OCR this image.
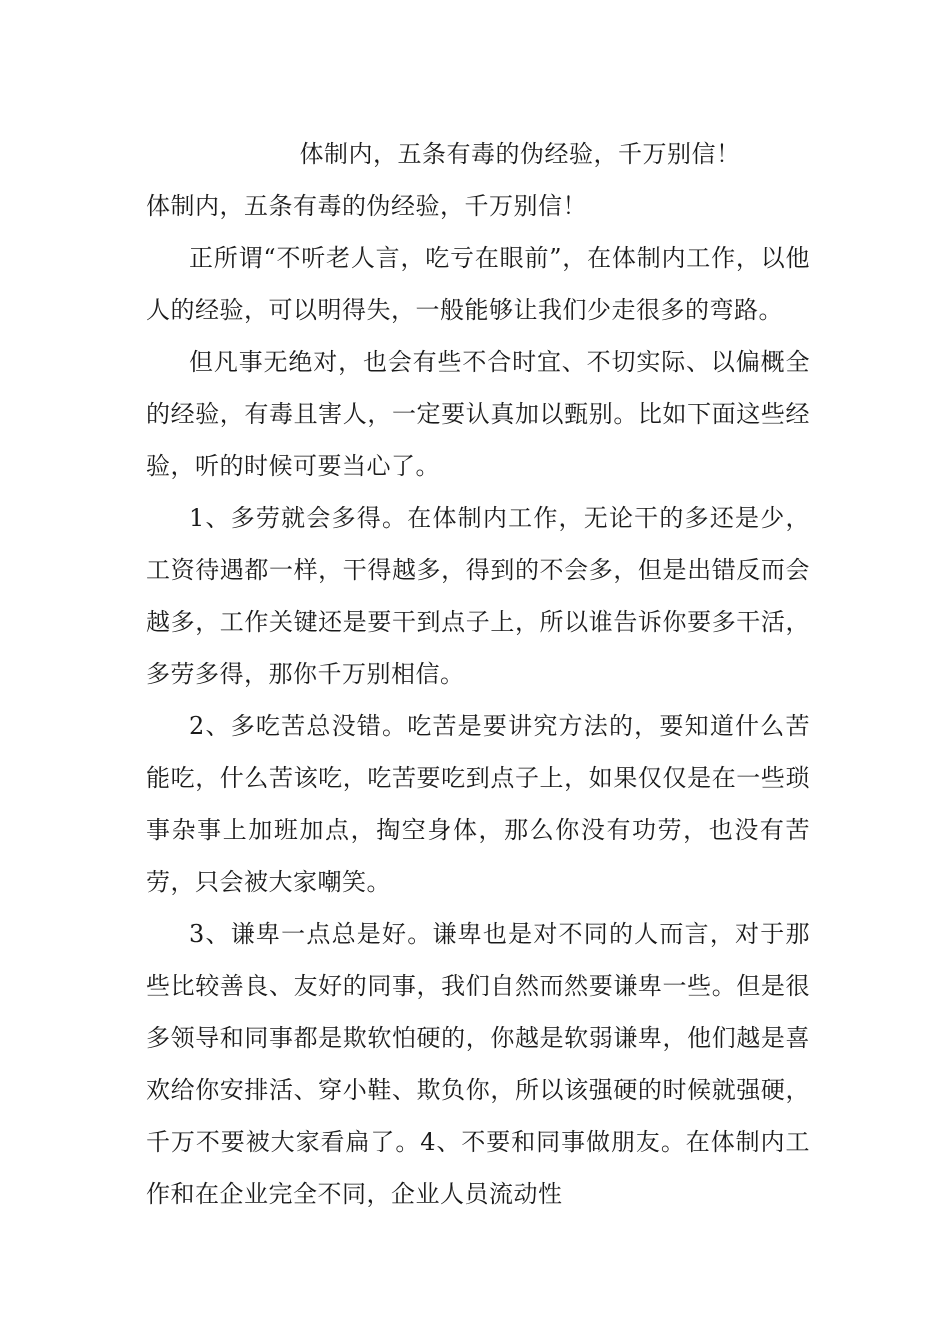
体制内，五条有毒的伪经验，千万别信！

体制内，五条有毒的伪经验，千万别信！

正所谓“不听老人言，吃亏在眼前”，在体制内工作，以他人的经验，可以明得失，一般能够让我们少走很多的弯路。

但凡事无绝对，也会有些不合时宜、不切实际、以偏概全的经验，有毒且害人，一定要认真加以甄别。比如下面这些经验，听的时候可要当心了。

1、多劳就会多得。在体制内工作，无论干的多还是少，工资待遇都一样，干得越多，得到的不会多，但是出错反而会越多，工作关键还是要干到点子上，所以谁告诉你要多干活，多劳多得，那你千万别相信。

2、多吃苦总没错。吃苦是要讲究方法的，要知道什么苦能吃，什么苦该吃，吃苦要吃到点子上，如果仅仅是在一些琐事杂事上加班加点，掏空身体，那么你没有功劳，也没有苦劳，只会被大家嘲笑。

3、谦卑一点总是好。谦卑也是对不同的人而言，对于那些比较善良、友好的同事，我们自然而然要谦卑一些。但是很多领导和同事都是欺软怕硬的，你越是软弱谦卑，他们越是喜欢给你安排活、穿小鞋、欺负你，所以该强硬的时候就强硬，千万不要被大家看扁了。4、不要和同事做朋友。在体制内工作和在企业完全不同，企业人员流动性
